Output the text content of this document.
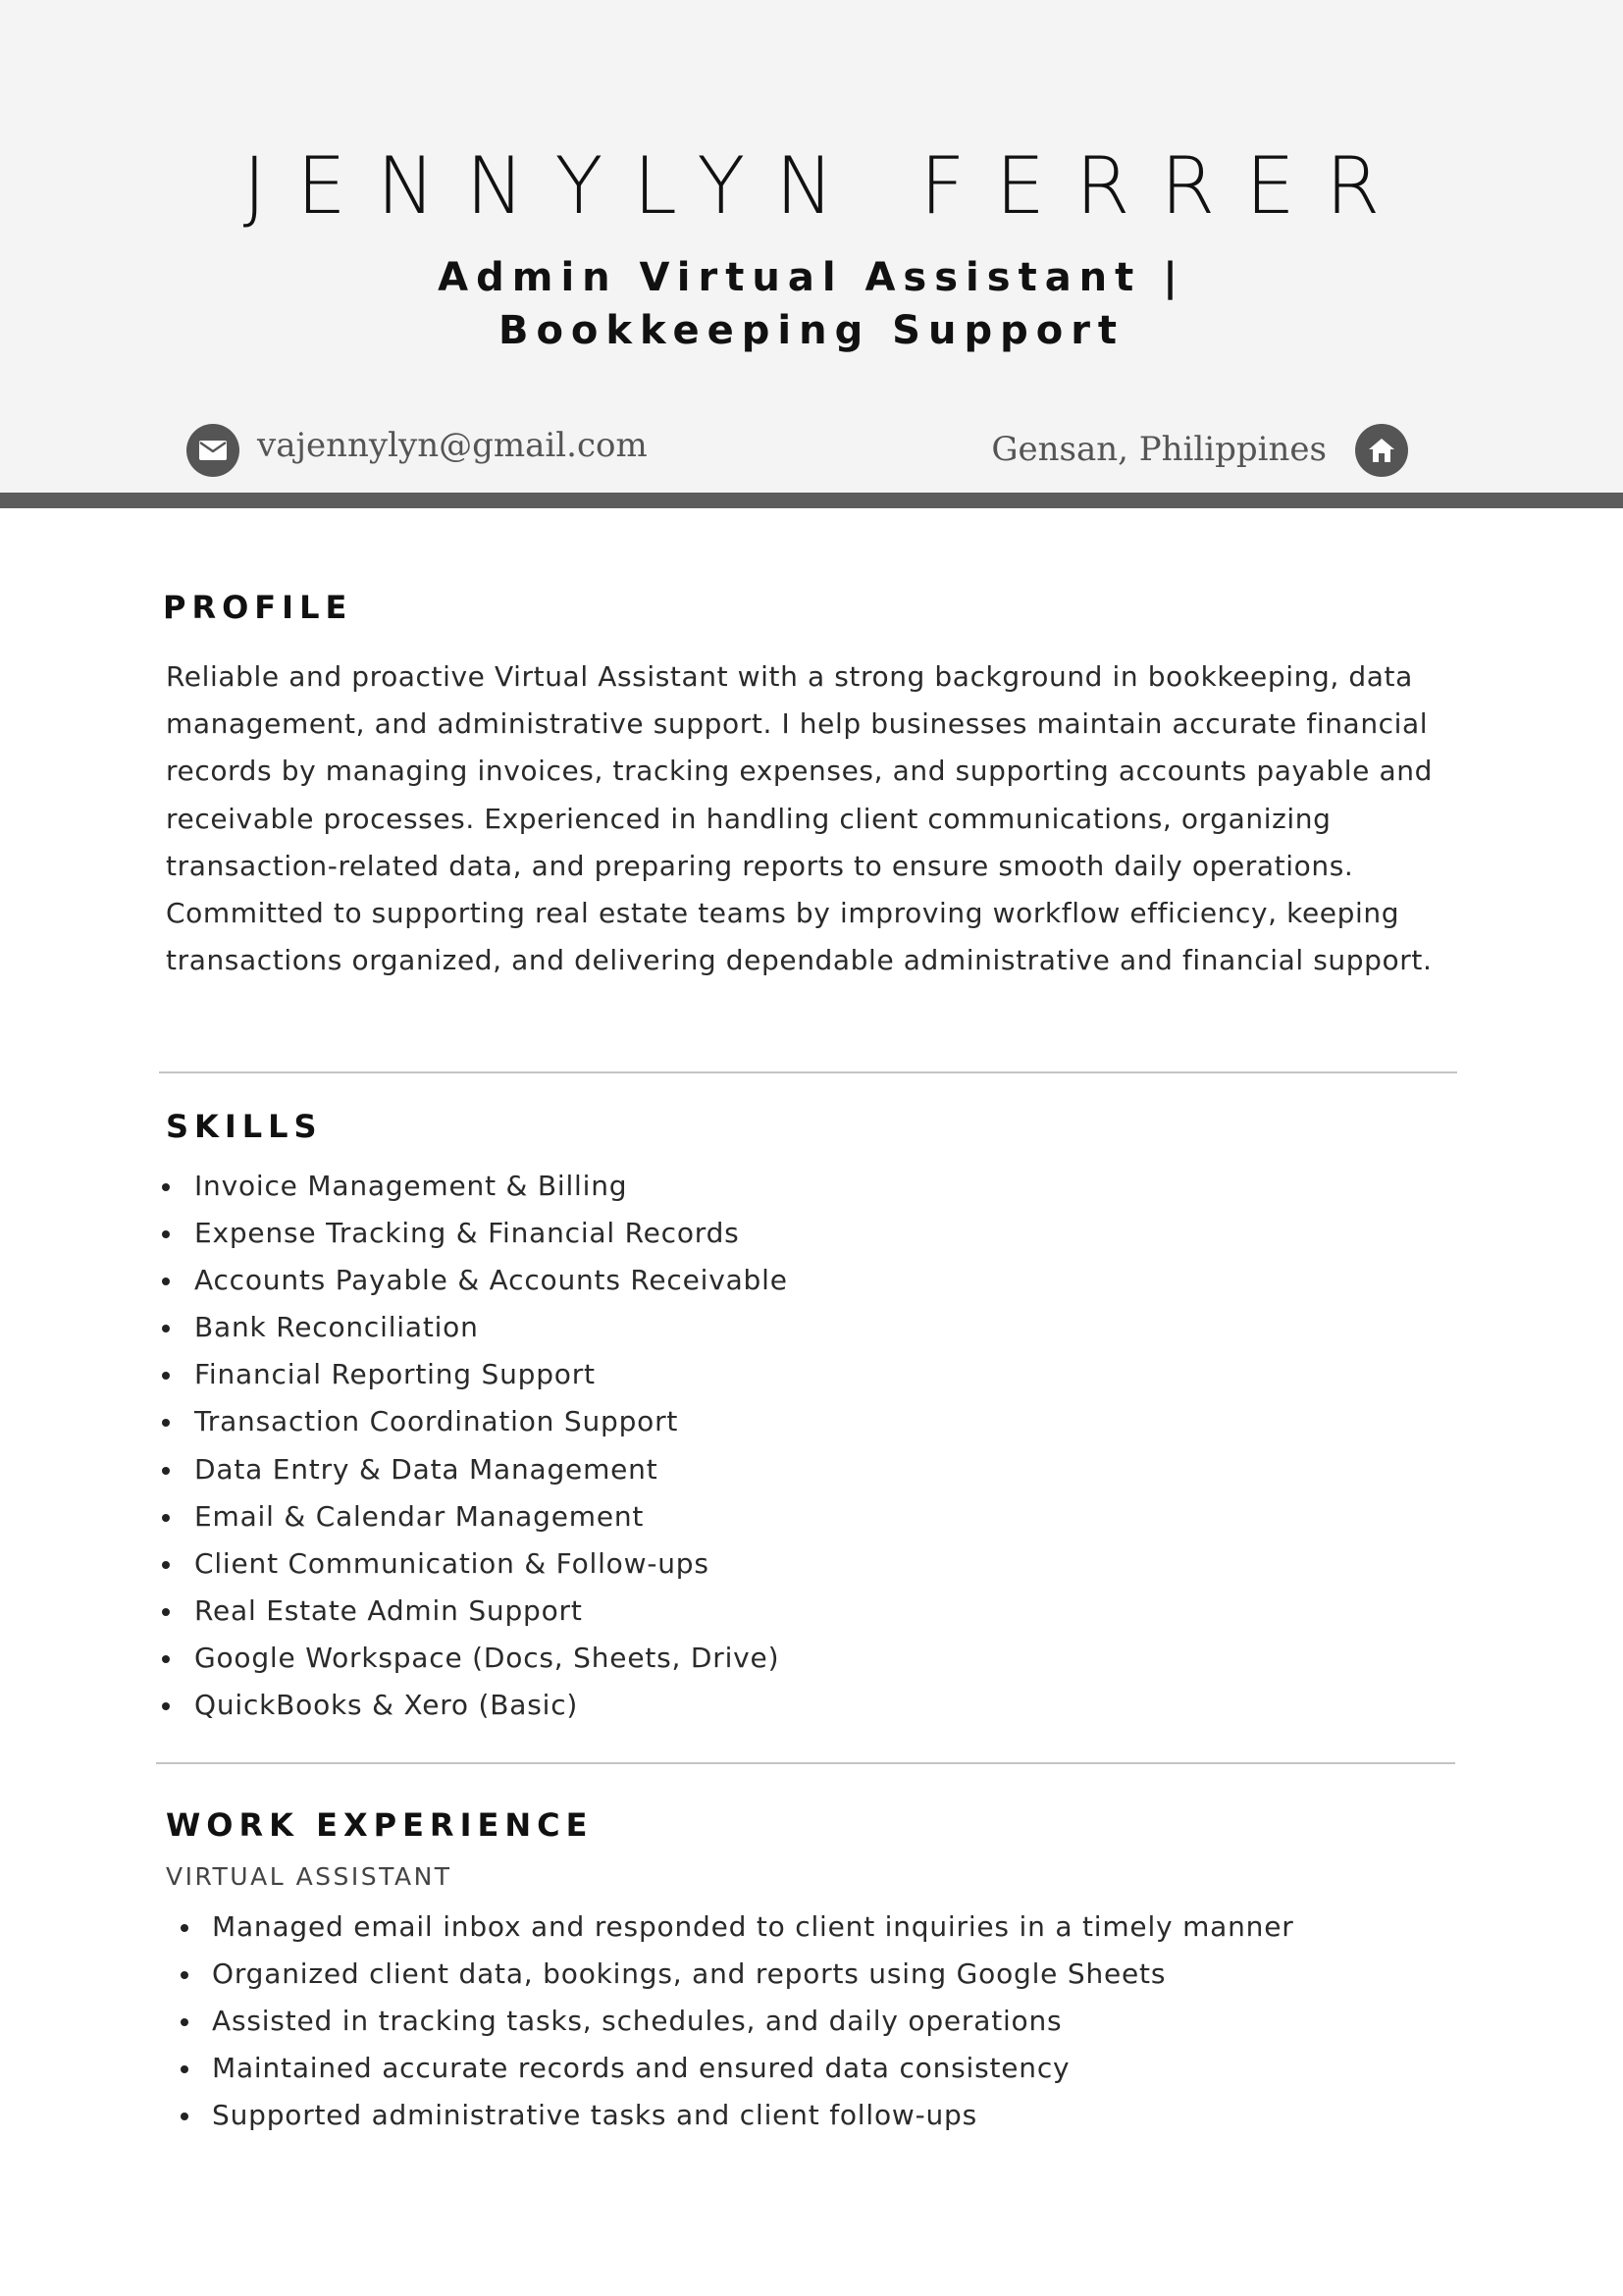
JENNYLYN FERRER
Admin Virtual Assistant |
Bookkeeping Support
vajennylyn@gmail.com	Gensan, Philippines
PROFILE

Reliable and proactive Virtual Assistant with a strong background in bookkeeping, data management, and administrative support. I help businesses maintain accurate financial records by managing invoices, tracking expenses, and supporting accounts payable and receivable processes. Experienced in handling client communications, organizing transaction-related data, and preparing reports to ensure smooth daily operations. Committed to supporting real estate teams by improving workflow efficiency, keeping transactions organized, and delivering dependable administrative and financial support.

SKILLS
Invoice Management & Billing
Expense Tracking & Financial Records
Accounts Payable & Accounts Receivable
Bank Reconciliation
Financial Reporting Support
Transaction Coordination Support
Data Entry & Data Management
Email & Calendar Management
Client Communication & Follow-ups
Real Estate Admin Support
Google Workspace (Docs, Sheets, Drive)
QuickBooks & Xero (Basic)
WORK EXPERIENCE
VIRTUAL ASSISTANT
Managed email inbox and responded to client inquiries in a timely manner
Organized client data, bookings, and reports using Google Sheets
Assisted in tracking tasks, schedules, and daily operations
Maintained accurate records and ensured data consistency
Supported administrative tasks and client follow-ups
